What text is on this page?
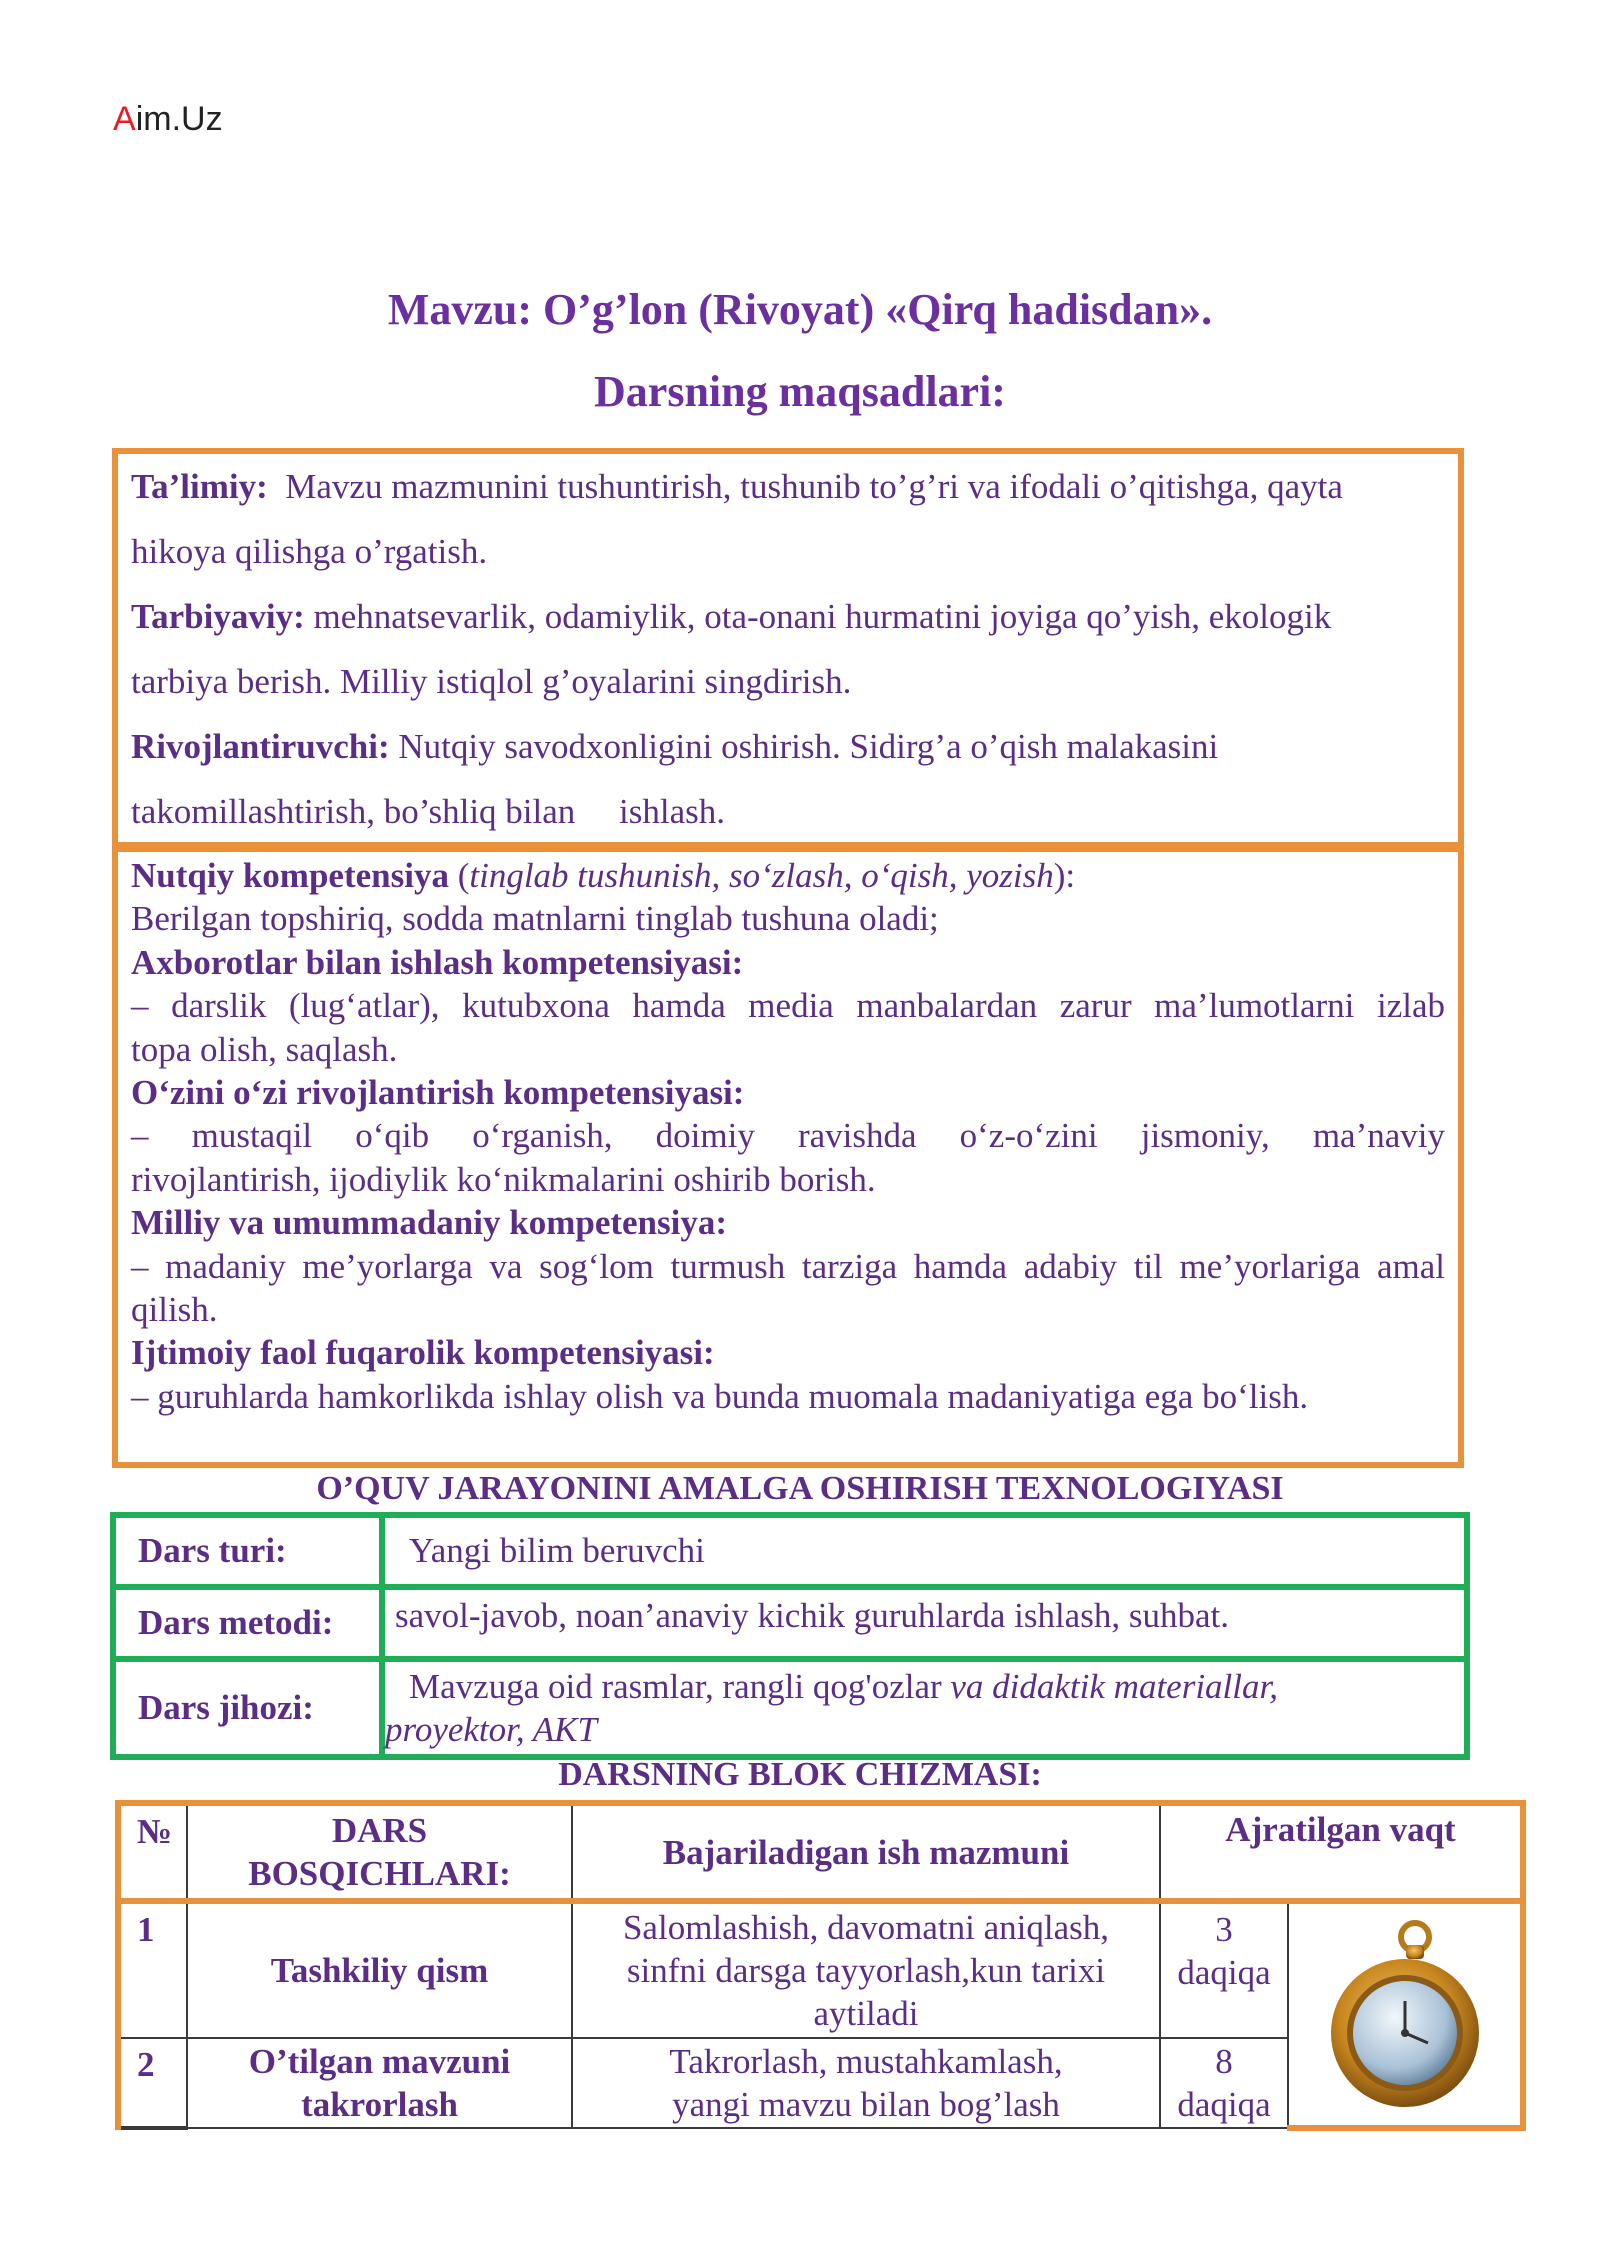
Aim.Uz
Mavzu: O’g’lon (Rivoyat) «Qirq hadisdan».
Darsning maqsadlari:

Ta’limiy: Mavzu mazmunini tushuntirish, tushunib to’g’ri va ifodali o’qitishga, qayta

hikoya qilishga o’rgatish.

Tarbiyaviy: mehnatsevarlik, odamiylik, ota-onani hurmatini joyiga qo’yish, ekologik

tarbiya berish. Milliy istiqlol g’oyalarini singdirish.

Rivojlantiruvchi: Nutqiy savodxonligini oshirish. Sidirg’a o’qish malakasini

takomillashtirish, bo’shliq bilan     ishlash.

Nutqiy kompetensiya (tinglab tushunish, so‘zlash, o‘qish, yozish):
Berilgan topshiriq, sodda matnlarni tinglab tushuna oladi;
Axborotlar bilan ishlash kompetensiyasi:
– darslik (lug‘atlar), kutubxona hamda media manbalardan zarur ma’lumotlarni izlab
topa olish, saqlash.
O‘zini o‘zi rivojlantirish kompetensiyasi:
– mustaqil o‘qib o‘rganish, doimiy ravishda o‘z-o‘zini jismoniy, ma’naviy
rivojlantirish, ijodiylik ko‘nikmalarini oshirib borish.
Milliy va umummadaniy kompetensiya:
– madaniy me’yorlarga va sog‘lom turmush tarziga hamda adabiy til me’yorlariga amal
qilish.
Ijtimoiy faol fuqarolik kompetensiyasi:
– guruhlarda hamkorlikda ishlay olish va bunda muomala madaniyatiga ega bo‘lish.
O’QUV JARAYONINI AMALGA OSHIRISH TEXNOLOGIYASI
Dars turi:	Yangi bilim beruvchi
Dars metodi:	savol-javob, noan’anaviy kichik guruhlarda ishlash, suhbat.
Dars jihozi:	Mavzuga oid rasmlar, rangli qog'ozlar va didaktik materiallar,
proyektor, AKT
DARSNING BLOK CHIZMASI:
№	DARS
BOSQICHLARI:	Bajariladigan ish mazmuni	Ajratilgan vaqt	
1	Tashkiliy qism	Salomlashish, davomatni aniqlash,
sinfni darsga tayyorlash,kun tarixi
aytiladi	3
daqiqa	

2	O’tilgan mavzuni
takrorlash	Takrorlash, mustahkamlash,
yangi mavzu bilan bog’lash	8
daqiqa	
